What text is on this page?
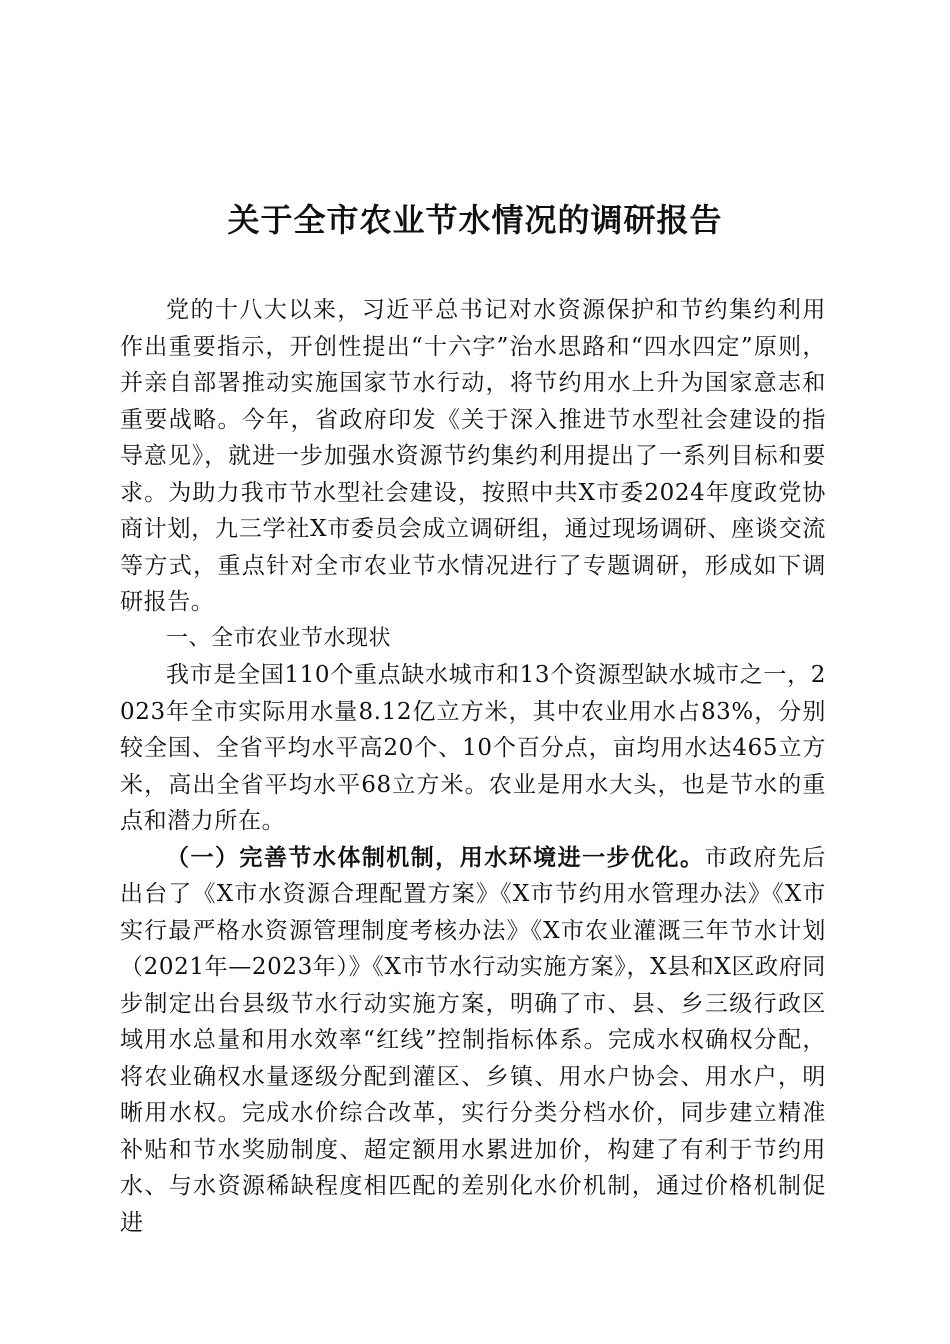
关于全市农业节水情况的调研报告

党的十八大以来，习近平总书记对水资源保护和节约集约利用作出重要指示，开创性提出“十六字”治水思路和“四水四定”原则，并亲自部署推动实施国家节水行动，将节约用水上升为国家意志和重要战略。今年，省政府印发《关于深入推进节水型社会建设的指导意见》，就进一步加强水资源节约集约利用提出了一系列目标和要求。为助力我市节水型社会建设，按照中共X市委2024年度政党协商计划，九三学社X市委员会成立调研组，通过现场调研、座谈交流等方式，重点针对全市农业节水情况进行了专题调研，形成如下调研报告。

一、全市农业节水现状

我市是全国110个重点缺水城市和13个资源型缺水城市之一，2023年全市实际用水量8.12亿立方米，其中农业用水占83%，分别较全国、全省平均水平高20个、10个百分点，亩均用水达465立方米，高出全省平均水平68立方米。农业是用水大头，也是节水的重点和潜力所在。

（一）完善节水体制机制，用水环境进一步优化。市政府先后出台了《X市水资源合理配置方案》《X市节约用水管理办法》《X市实行最严格水资源管理制度考核办法》《X市农业灌溉三年节水计划（2021年—2023年）》《X市节水行动实施方案》，X县和X区政府同步制定出台县级节水行动实施方案，明确了市、县、乡三级行政区域用水总量和用水效率“红线”控制指标体系。完成水权确权分配，将农业确权水量逐级分配到灌区、乡镇、用水户协会、用水户，明晰用水权。完成水价综合改革，实行分类分档水价，同步建立精准补贴和节水奖励制度、超定额用水累进加价，构建了有利于节约用水、与水资源稀缺程度相匹配的差别化水价机制，通过价格机制促进
